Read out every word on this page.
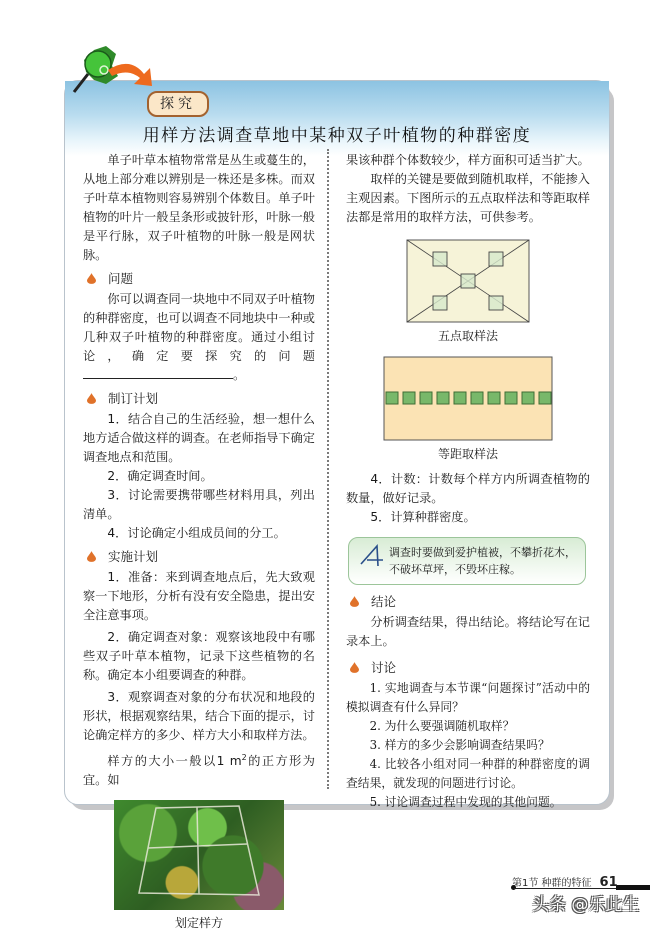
探究
用样方法调查草地中某种双子叶植物的种群密度

单子叶草本植物常常是丛生或蔓生的，从地上部分难以辨别是一株还是多株。而双子叶草本植物则容易辨别个体数目。单子叶植物的叶片一般呈条形或披针形，叶脉一般是平行脉，双子叶植物的叶脉一般是网状脉。

问题

你可以调查同一块地中不同双子叶植物的种群密度，也可以调查不同地块中一种或几种双子叶植物的种群密度。通过小组讨论，确定要探究的问题。

制订计划

1．结合自己的生活经验，想一想什么地方适合做这样的调查。在老师指导下确定调查地点和范围。

2．确定调查时间。

3．讨论需要携带哪些材料用具，列出清单。

4．讨论确定小组成员间的分工。

实施计划

1．准备：来到调查地点后，先大致观察一下地形，分析有没有安全隐患，提出安全注意事项。

2．确定调查对象：观察该地段中有哪些双子叶草本植物，记录下这些植物的名称。确定本小组要调查的种群。

3．观察调查对象的分布状况和地段的形状，根据观察结果，结合下面的提示，讨论确定样方的多少、样方大小和取样方法。

样方的大小一般以1 $m^2$的正方形为宜。如

划定样方

果该种群个体数较少，样方面积可适当扩大。

取样的关键是要做到随机取样，不能掺入主观因素。下图所示的五点取样法和等距取样法都是常用的取样方法，可供参考。

五点取样法
等距取样法

4．计数：计数每个样方内所调查植物的数量，做好记录。

5．计算种群密度。

调查时要做到爱护植被，不攀折花木，不破坏草坪，不毁坏庄稼。
结论

分析调查结果，得出结论。将结论写在记录本上。

讨论

1. 实地调查与本节课“问题探讨”活动中的模拟调查有什么异同？

2. 为什么要强调随机取样？

3. 样方的多少会影响调查结果吗？

4. 比较各小组对同一种群的种群密度的调查结果，就发现的问题进行讨论。

5. 讨论调查过程中发现的其他问题。

第1节 种群的特征 61
头条 @乐此生
